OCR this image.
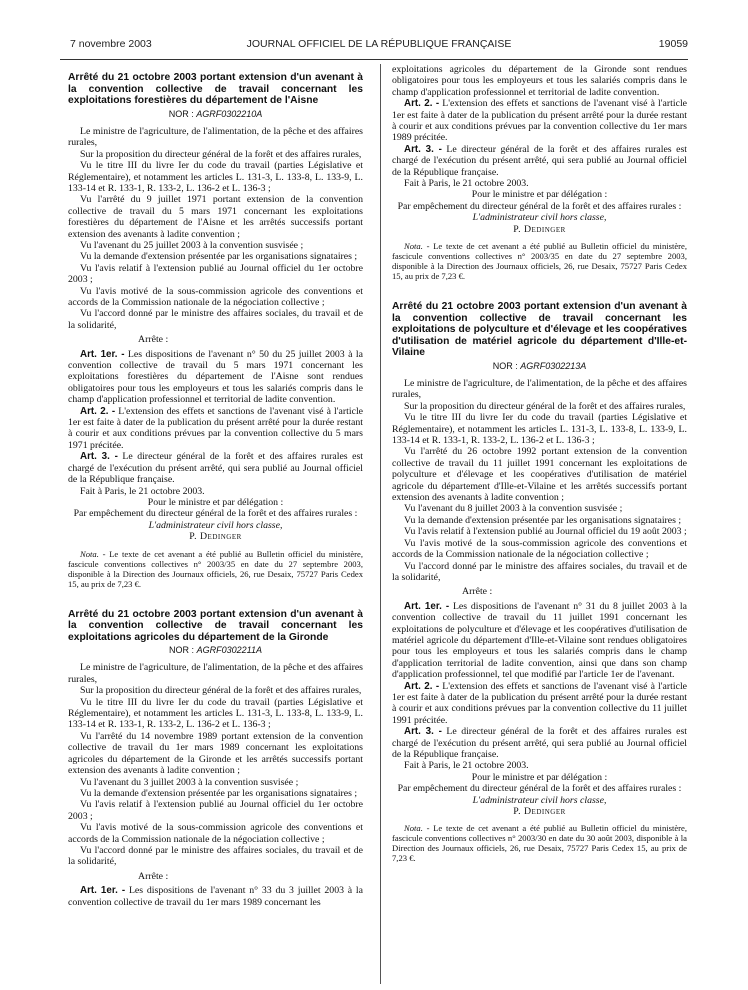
7 novembre 2003	JOURNAL OFFICIEL DE LA RÉPUBLIQUE FRANÇAISE	19059

Arrêté du 21 octobre 2003 portant extension d'un avenant à la convention collective de travail concernant les exploitations forestières du département de l'Aisne

NOR : AGRF0302210A

Le ministre de l'agriculture, de l'alimentation, de la pêche et des affaires rurales,

Sur la proposition du directeur général de la forêt et des affaires rurales,

Vu le titre III du livre Ier du code du travail (parties Législative et Réglementaire), et notamment les articles L. 131-3, L. 133-8, L. 133-9, L. 133-14 et R. 133-1, R. 133-2, L. 136-2 et L. 136-3 ;

Vu l'arrêté du 9 juillet 1971 portant extension de la convention collective de travail du 5 mars 1971 concernant les exploitations forestières du département de l'Aisne et les arrêtés successifs portant extension des avenants à ladite convention ;

Vu l'avenant du 25 juillet 2003 à la convention susvisée ;

Vu la demande d'extension présentée par les organisations signataires ;

Vu l'avis relatif à l'extension publié au Journal officiel du 1er octobre 2003 ;

Vu l'avis motivé de la sous-commission agricole des conventions et accords de la Commission nationale de la négociation collective ;

Vu l'accord donné par le ministre des affaires sociales, du travail et de la solidarité,

Arrête :

Art. 1er. - Les dispositions de l'avenant n° 50 du 25 juillet 2003 à la convention collective de travail du 5 mars 1971 concernant les exploitations forestières du département de l'Aisne sont rendues obligatoires pour tous les employeurs et tous les salariés compris dans le champ d'application professionnel et territorial de ladite convention.

Art. 2. - L'extension des effets et sanctions de l'avenant visé à l'article 1er est faite à dater de la publication du présent arrêté pour la durée restant à courir et aux conditions prévues par la convention collective du 5 mars 1971 précitée.

Art. 3. - Le directeur général de la forêt et des affaires rurales est chargé de l'exécution du présent arrêté, qui sera publié au Journal officiel de la République française.

Fait à Paris, le 21 octobre 2003.

Pour le ministre et par délégation :

Par empêchement du directeur général de la forêt et des affaires rurales :

L'administrateur civil hors classe,

P. Dedinger

Nota. - Le texte de cet avenant a été publié au Bulletin officiel du ministère, fascicule conventions collectives n° 2003/35 en date du 27 septembre 2003, disponible à la Direction des Journaux officiels, 26, rue Desaix, 75727 Paris Cedex 15, au prix de 7,23 €.

Arrêté du 21 octobre 2003 portant extension d'un avenant à la convention collective de travail concernant les exploitations agricoles du département de la Gironde

NOR : AGRF0302211A

Le ministre de l'agriculture, de l'alimentation, de la pêche et des affaires rurales,

Sur la proposition du directeur général de la forêt et des affaires rurales,

Vu le titre III du livre Ier du code du travail (parties Législative et Réglementaire), et notamment les articles L. 131-3, L. 133-8, L. 133-9, L. 133-14 et R. 133-1, R. 133-2, L. 136-2 et L. 136-3 ;

Vu l'arrêté du 14 novembre 1989 portant extension de la convention collective de travail du 1er mars 1989 concernant les exploitations agricoles du département de la Gironde et les arrêtés successifs portant extension des avenants à ladite convention ;

Vu l'avenant du 3 juillet 2003 à la convention susvisée ;

Vu la demande d'extension présentée par les organisations signataires ;

Vu l'avis relatif à l'extension publié au Journal officiel du 1er octobre 2003 ;

Vu l'avis motivé de la sous-commission agricole des conventions et accords de la Commission nationale de la négociation collective ;

Vu l'accord donné par le ministre des affaires sociales, du travail et de la solidarité,

Arrête :

Art. 1er. - Les dispositions de l'avenant n° 33 du 3 juillet 2003 à la convention collective de travail du 1er mars 1989 concernant les

exploitations agricoles du département de la Gironde sont rendues obligatoires pour tous les employeurs et tous les salariés compris dans le champ d'application professionnel et territorial de ladite convention.

Art. 2. - L'extension des effets et sanctions de l'avenant visé à l'article 1er est faite à dater de la publication du présent arrêté pour la durée restant à courir et aux conditions prévues par la convention collective du 1er mars 1989 précitée.

Art. 3. - Le directeur général de la forêt et des affaires rurales est chargé de l'exécution du présent arrêté, qui sera publié au Journal officiel de la République française.

Fait à Paris, le 21 octobre 2003.

Pour le ministre et par délégation :

Par empêchement du directeur général de la forêt et des affaires rurales :

L'administrateur civil hors classe,

P. Dedinger

Nota. - Le texte de cet avenant a été publié au Bulletin officiel du ministère, fascicule conventions collectives n° 2003/35 en date du 27 septembre 2003, disponible à la Direction des Journaux officiels, 26, rue Desaix, 75727 Paris Cedex 15, au prix de 7,23 €.

Arrêté du 21 octobre 2003 portant extension d'un avenant à la convention collective de travail concernant les exploitations de polyculture et d'élevage et les coopératives d'utilisation de matériel agricole du département d'Ille-et-Vilaine

NOR : AGRF0302213A

Le ministre de l'agriculture, de l'alimentation, de la pêche et des affaires rurales,

Sur la proposition du directeur général de la forêt et des affaires rurales,

Vu le titre III du livre Ier du code du travail (parties Législative et Réglementaire), et notamment les articles L. 131-3, L. 133-8, L. 133-9, L. 133-14 et R. 133-1, R. 133-2, L. 136-2 et L. 136-3 ;

Vu l'arrêté du 26 octobre 1992 portant extension de la convention collective de travail du 11 juillet 1991 concernant les exploitations de polyculture et d'élevage et les coopératives d'utilisation de matériel agricole du département d'Ille-et-Vilaine et les arrêtés successifs portant extension des avenants à ladite convention ;

Vu l'avenant du 8 juillet 2003 à la convention susvisée ;

Vu la demande d'extension présentée par les organisations signataires ;

Vu l'avis relatif à l'extension publié au Journal officiel du 19 août 2003 ;

Vu l'avis motivé de la sous-commission agricole des conventions et accords de la Commission nationale de la négociation collective ;

Vu l'accord donné par le ministre des affaires sociales, du travail et de la solidarité,

Arrête :

Art. 1er. - Les dispositions de l'avenant n° 31 du 8 juillet 2003 à la convention collective de travail du 11 juillet 1991 concernant les exploitations de polyculture et d'élevage et les coopératives d'utilisation de matériel agricole du département d'Ille-et-Vilaine sont rendues obligatoires pour tous les employeurs et tous les salariés compris dans le champ d'application territorial de ladite convention, ainsi que dans son champ d'application professionnel, tel que modifié par l'article 1er de l'avenant.

Art. 2. - L'extension des effets et sanctions de l'avenant visé à l'article 1er est faite à dater de la publication du présent arrêté pour la durée restant à courir et aux conditions prévues par la convention collective du 11 juillet 1991 précitée.

Art. 3. - Le directeur général de la forêt et des affaires rurales est chargé de l'exécution du présent arrêté, qui sera publié au Journal officiel de la République française.

Fait à Paris, le 21 octobre 2003.

Pour le ministre et par délégation :

Par empêchement du directeur général de la forêt et des affaires rurales :

L'administrateur civil hors classe,

P. Dedinger

Nota. - Le texte de cet avenant a été publié au Bulletin officiel du ministère, fascicule conventions collectives n° 2003/30 en date du 30 août 2003, disponible à la Direction des Journaux officiels, 26, rue Desaix, 75727 Paris Cedex 15, au prix de 7,23 €.
